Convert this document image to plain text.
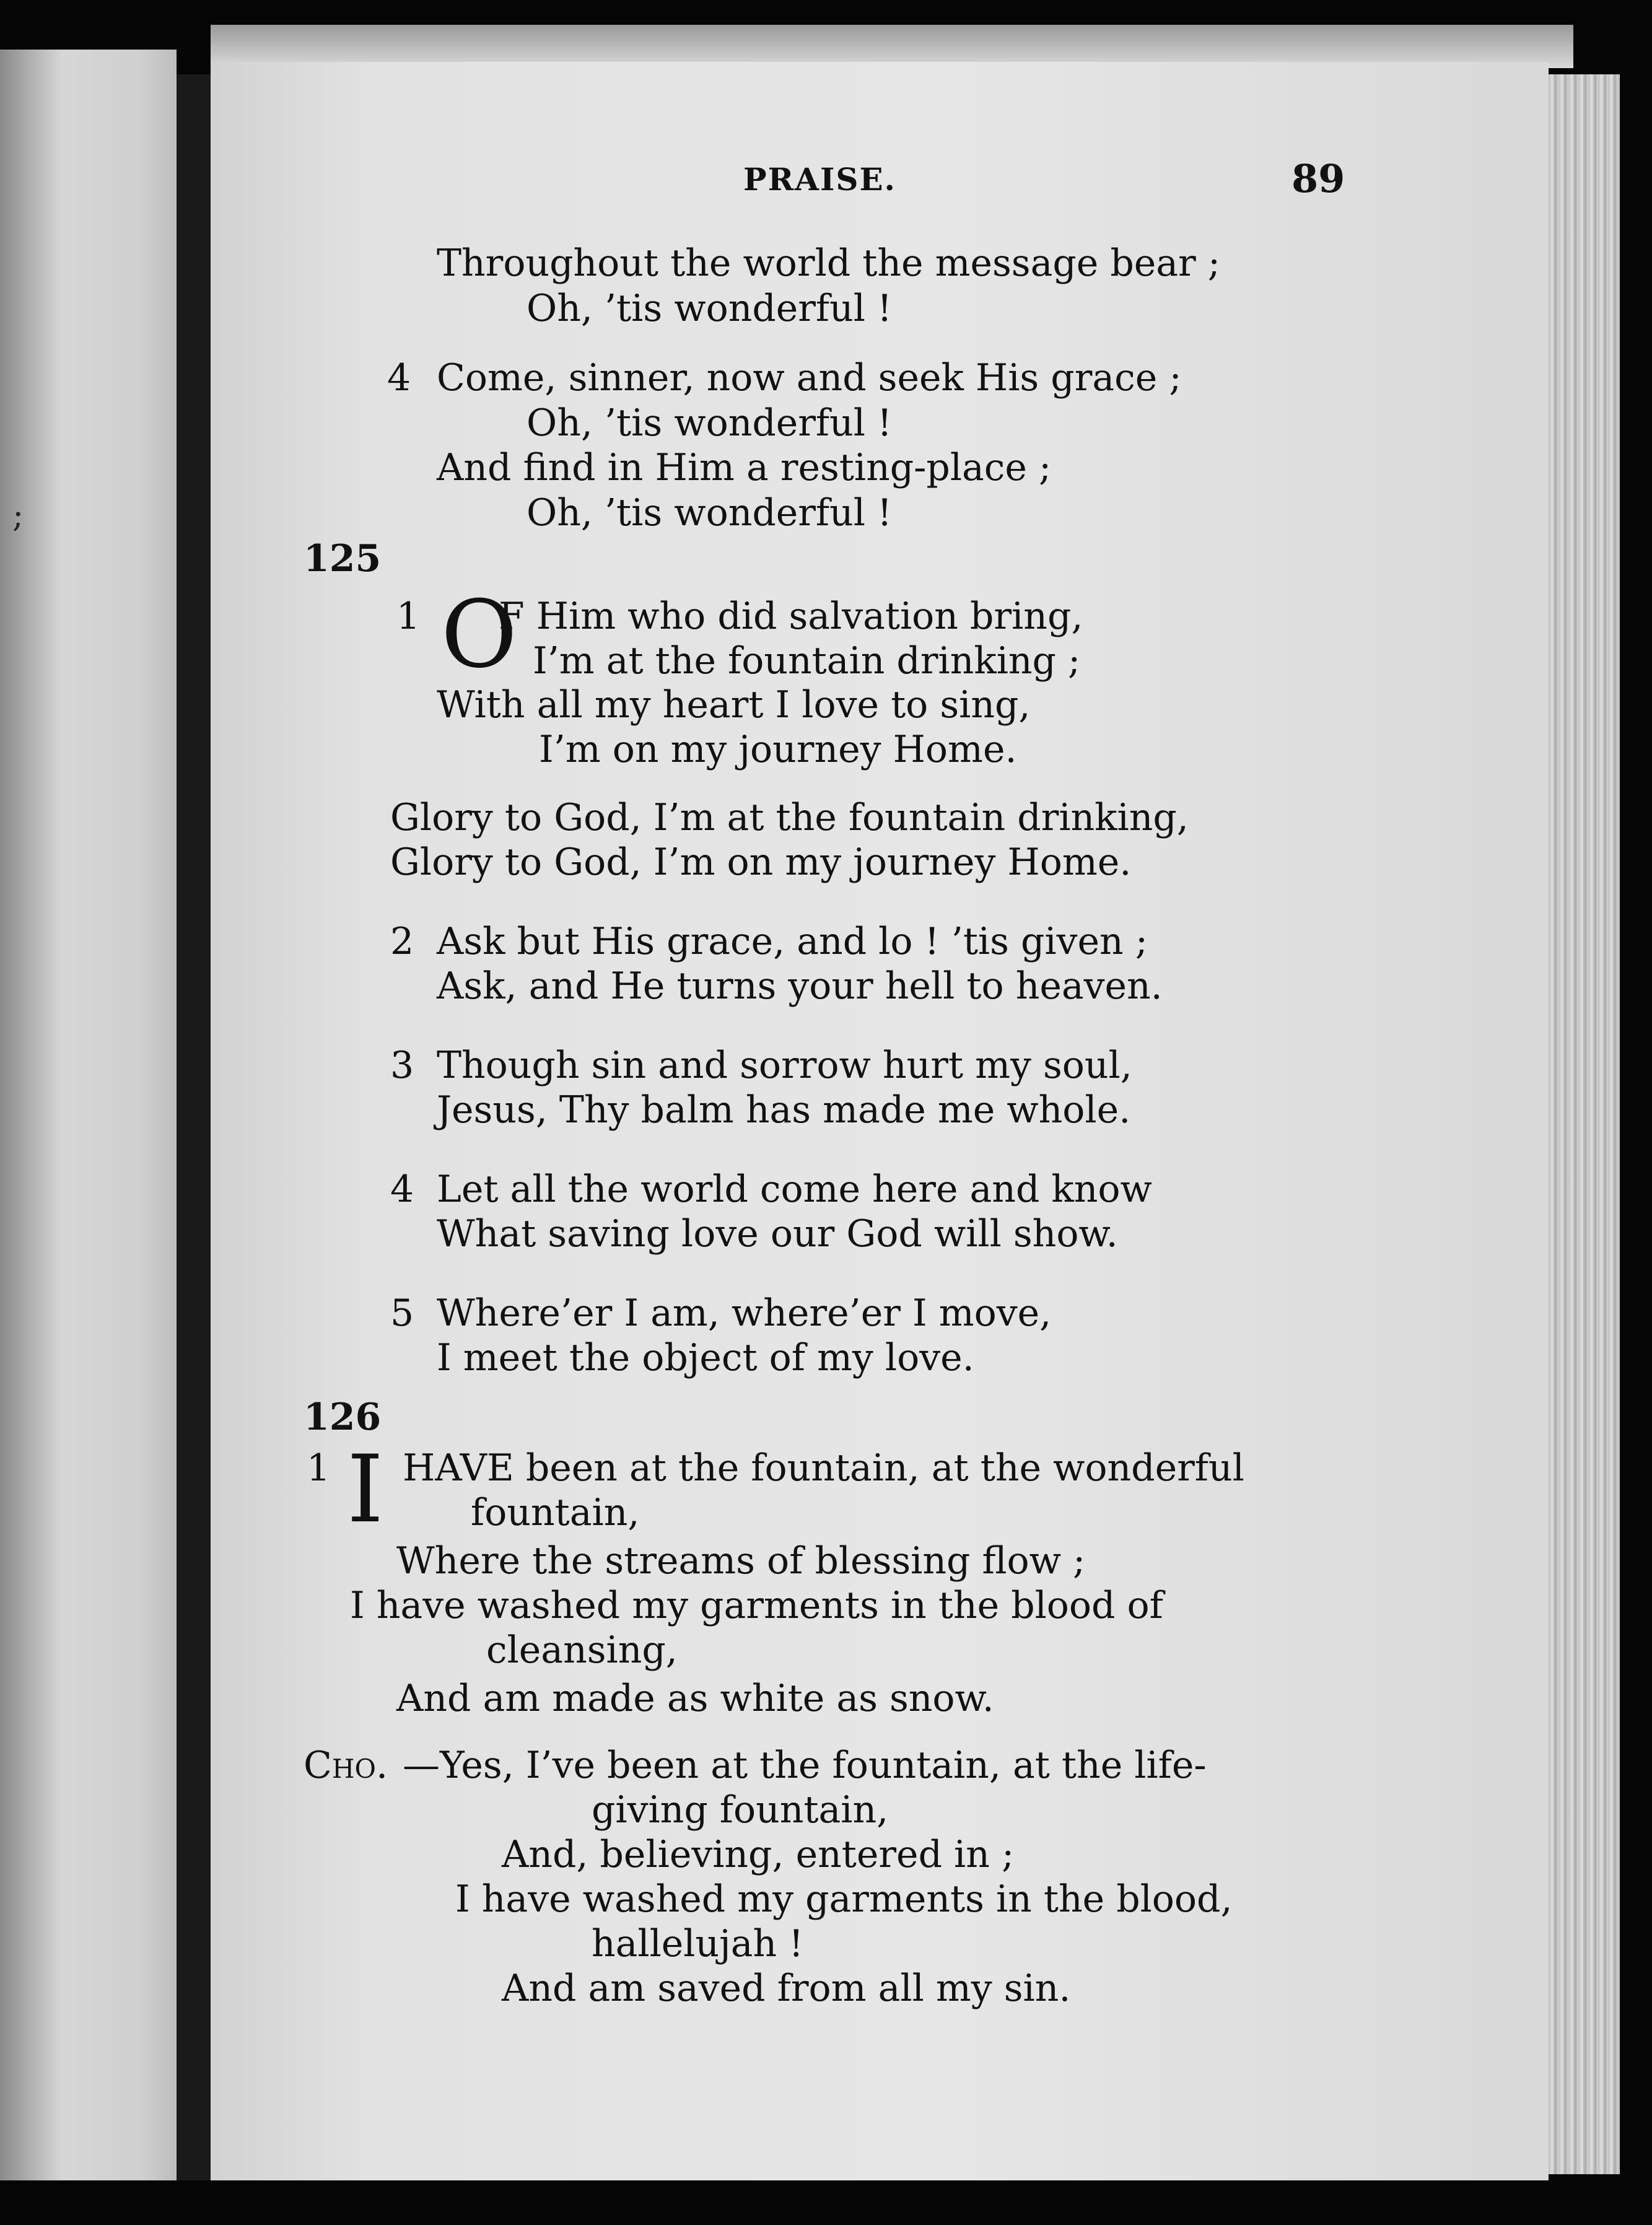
;
PRAISE.	89
Throughout the world the message bear ;
Oh, ’tis wonderful !
4 Come, sinner, now and seek His grace ;
Oh, ’tis wonderful !
And find in Him a resting-place ;
Oh, ’tis wonderful !
125
1 O
F Him who did salvation bring,
I’m at the fountain drinking ;
With all my heart I love to sing,
I’m on my journey Home.
Glory to God, I’m at the fountain drinking,
Glory to God, I’m on my journey Home.
2 Ask but His grace, and lo ! ’tis given ;
Ask, and He turns your hell to heaven.
3 Though sin and sorrow hurt my soul,
Jesus, Thy balm has made me whole.
4 Let all the world come here and know
What saving love our God will show.
5 Where’er I am, where’er I move,
I meet the object of my love.
126
1 I HAVE been at the fountain, at the wonderful
fountain,
Where the streams of blessing flow ;
I have washed my garments in the blood of
cleansing,
And am made as white as snow.
Cho. —Yes, I’ve been at the fountain, at the life-
giving fountain,
And, believing, entered in ;
I have washed my garments in the blood,
hallelujah !
And am saved from all my sin.
